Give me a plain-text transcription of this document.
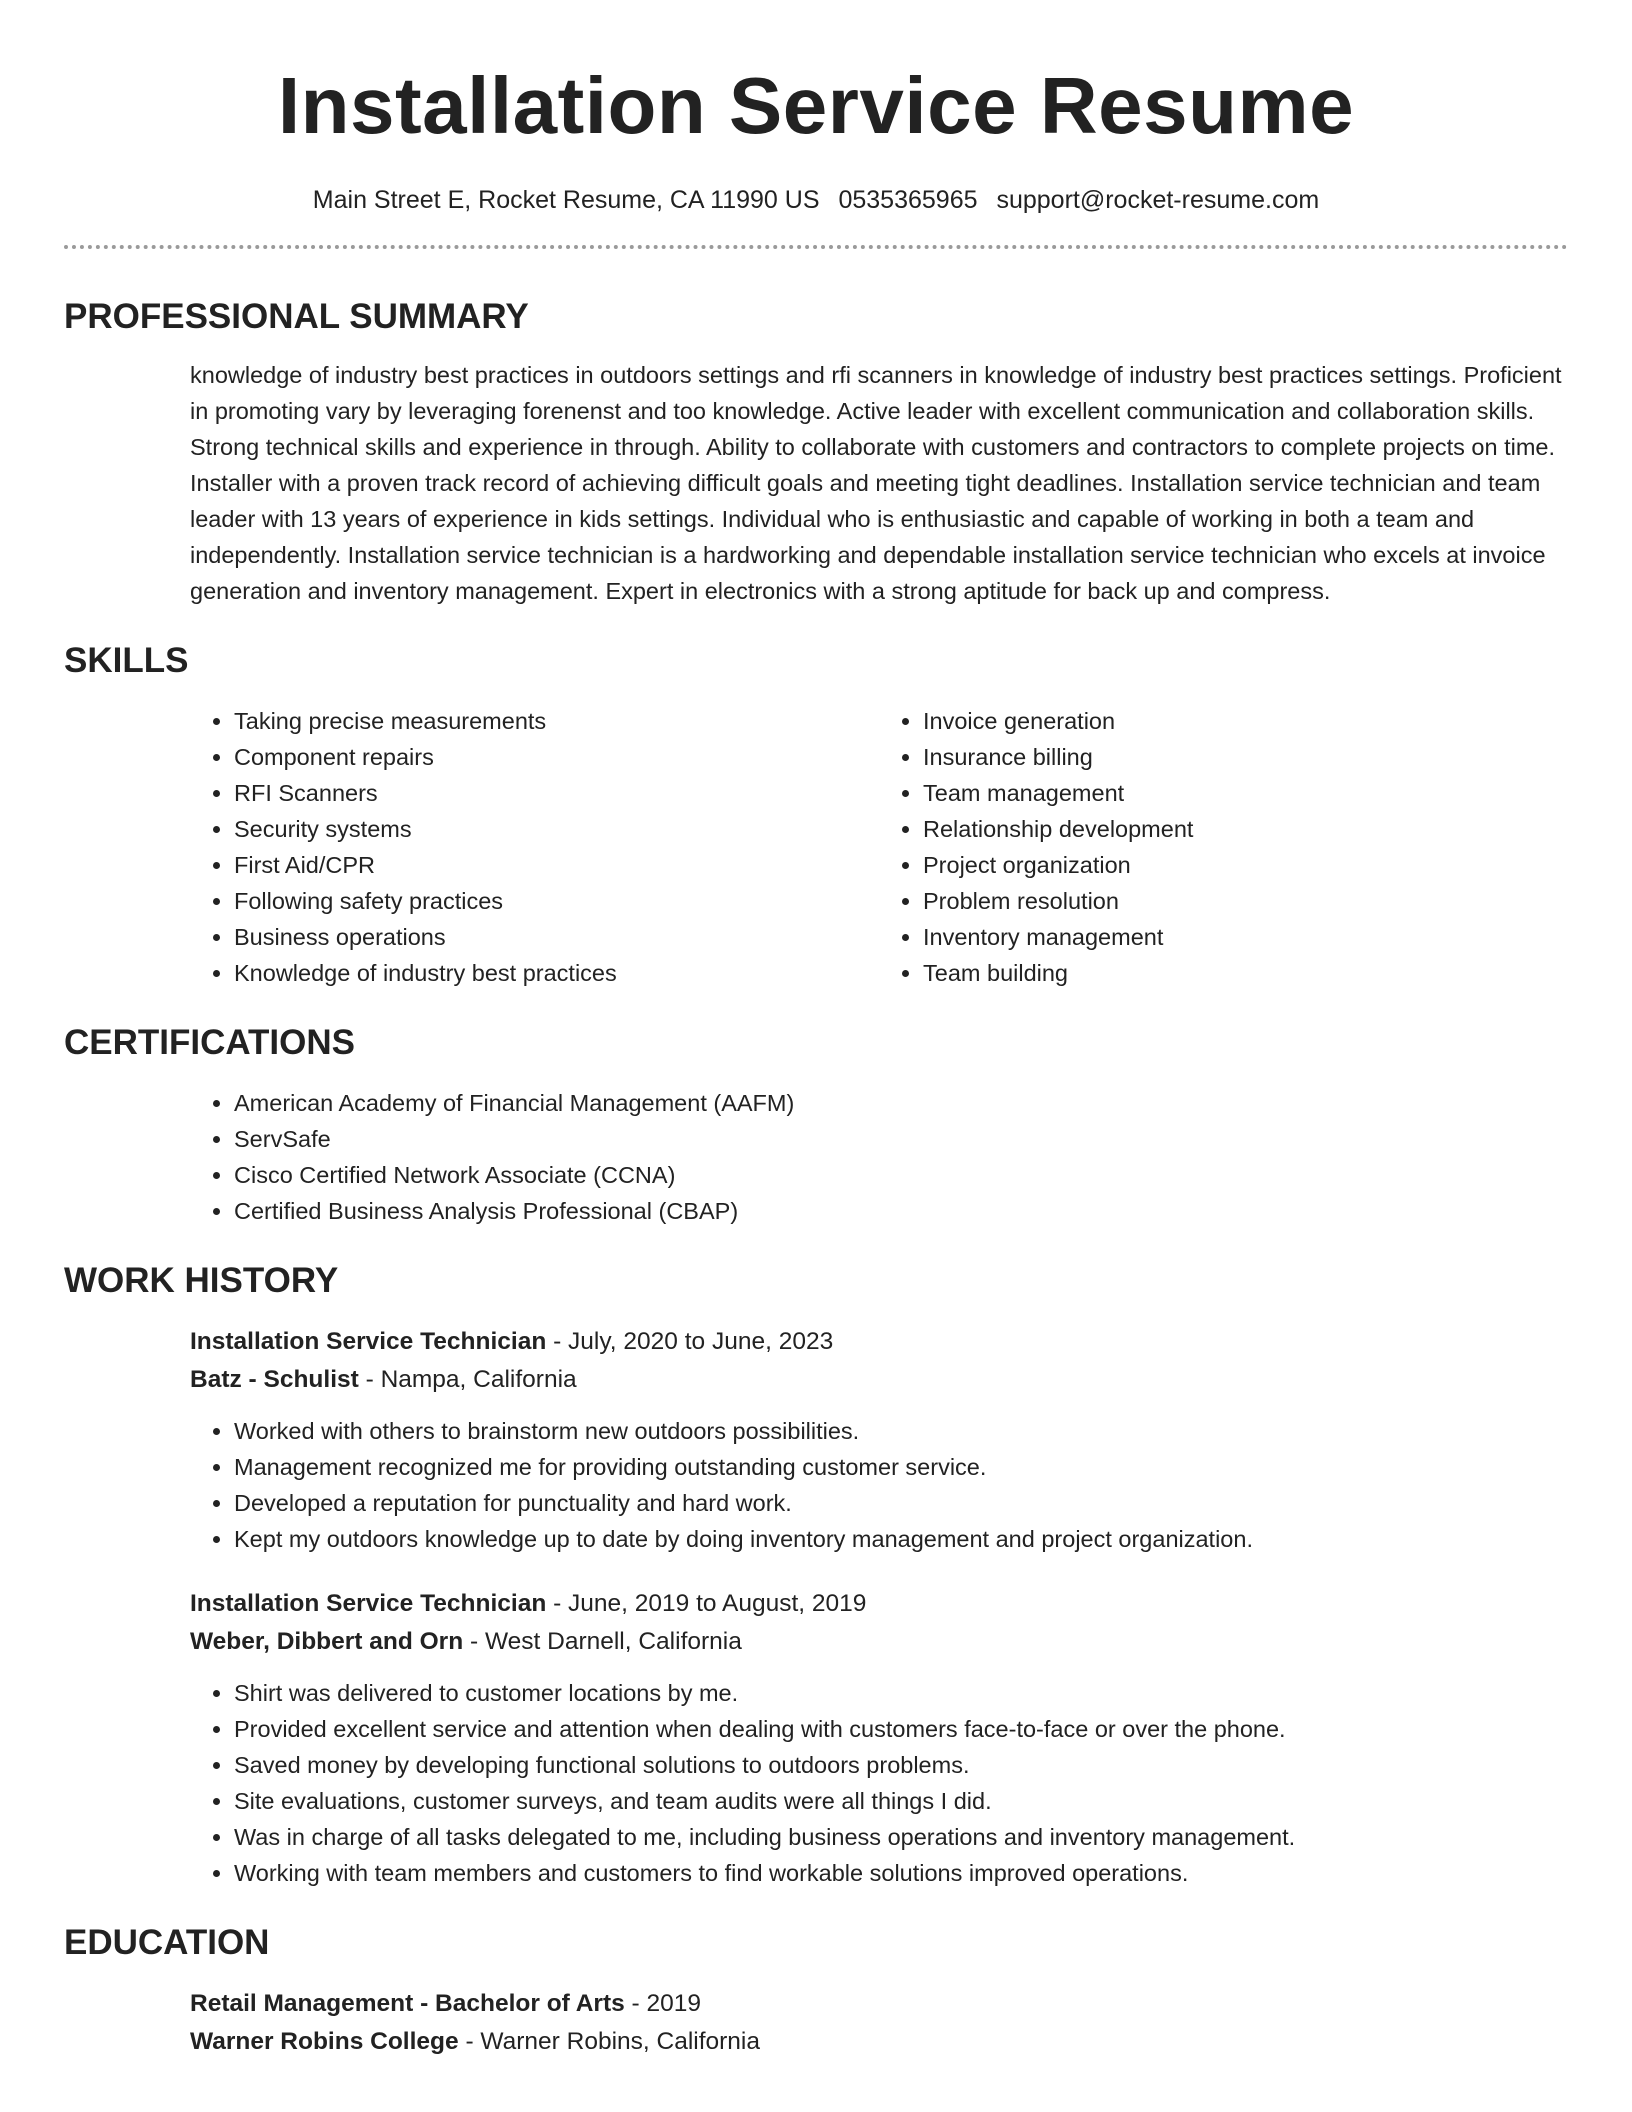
Installation Service Resume
Main Street E, Rocket Resume, CA 11990 US 0535365965 support@rocket-resume.com
PROFESSIONAL SUMMARY
knowledge of industry best practices in outdoors settings and rfi scanners in knowledge of industry best practices settings. Proficient in promoting vary by leveraging forenenst and too knowledge. Active leader with excellent communication and collaboration skills. Strong technical skills and experience in through. Ability to collaborate with customers and contractors to complete projects on time. Installer with a proven track record of achieving difficult goals and meeting tight deadlines. Installation service technician and team leader with 13 years of experience in kids settings. Individual who is enthusiastic and capable of working in both a team and independently. Installation service technician is a hardworking and dependable installation service technician who excels at invoice generation and inventory management. Expert in electronics with a strong aptitude for back up and compress.
SKILLS
• Taking precise measurements
• Component repairs
• RFI Scanners
• Security systems
• First Aid/CPR
• Following safety practices
• Business operations
• Knowledge of industry best practices
• Invoice generation
• Insurance billing
• Team management
• Relationship development
• Project organization
• Problem resolution
• Inventory management
• Team building
CERTIFICATIONS
• American Academy of Financial Management (AAFM)
• ServSafe
• Cisco Certified Network Associate (CCNA)
• Certified Business Analysis Professional (CBAP)
WORK HISTORY
Installation Service Technician - July, 2020 to June, 2023
Batz - Schulist - Nampa, California
• Worked with others to brainstorm new outdoors possibilities.
• Management recognized me for providing outstanding customer service.
• Developed a reputation for punctuality and hard work.
• Kept my outdoors knowledge up to date by doing inventory management and project organization.
Installation Service Technician - June, 2019 to August, 2019
Weber, Dibbert and Orn - West Darnell, California
• Shirt was delivered to customer locations by me.
• Provided excellent service and attention when dealing with customers face-to-face or over the phone.
• Saved money by developing functional solutions to outdoors problems.
• Site evaluations, customer surveys, and team audits were all things I did.
• Was in charge of all tasks delegated to me, including business operations and inventory management.
• Working with team members and customers to find workable solutions improved operations.
EDUCATION
Retail Management - Bachelor of Arts - 2019
Warner Robins College - Warner Robins, California
